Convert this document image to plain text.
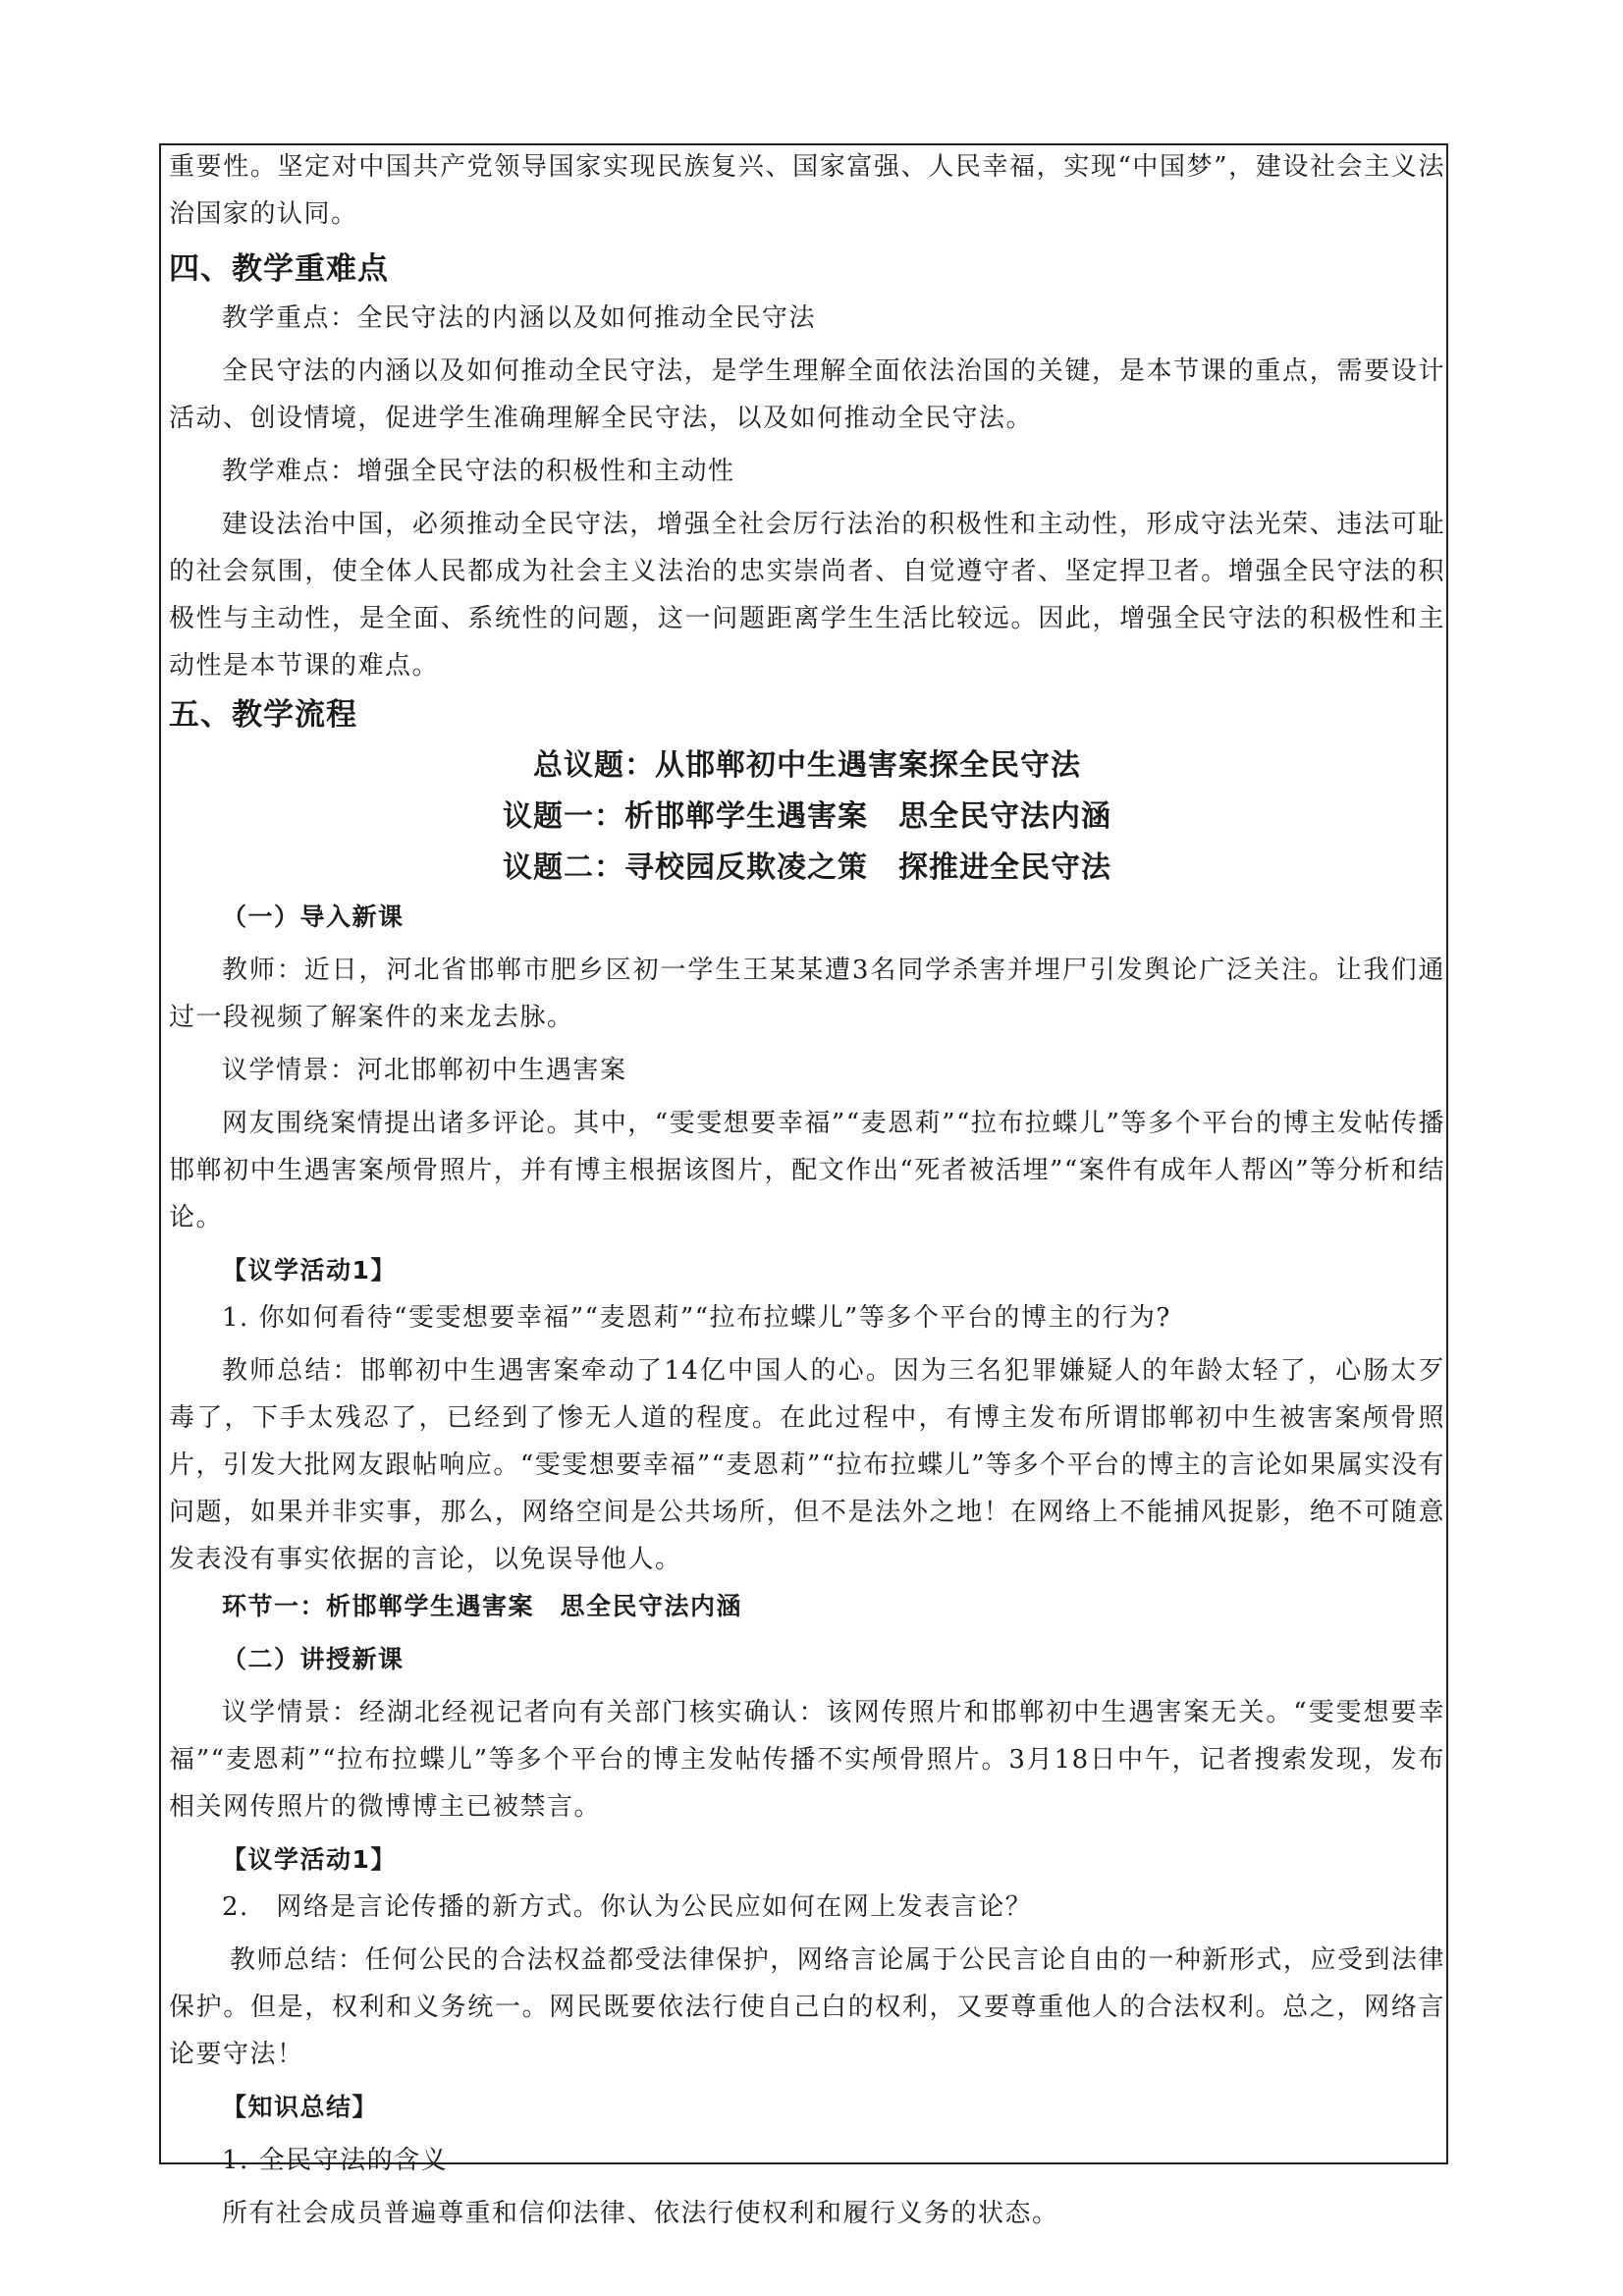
重要性。坚定对中国共产党领导国家实现民族复兴、国家富强、人民幸福，实现“中国梦”，建设社会主义法治国家的认同。

四、教学重难点

教学重点：全民守法的内涵以及如何推动全民守法

全民守法的内涵以及如何推动全民守法，是学生理解全面依法治国的关键，是本节课的重点，需要设计活动、创设情境，促进学生准确理解全民守法，以及如何推动全民守法。

教学难点：增强全民守法的积极性和主动性

建设法治中国，必须推动全民守法，增强全社会厉行法治的积极性和主动性，形成守法光荣、违法可耻的社会氛围，使全体人民都成为社会主义法治的忠实崇尚者、自觉遵守者、坚定捍卫者。增强全民守法的积极性与主动性，是全面、系统性的问题，这一问题距离学生生活比较远。因此，增强全民守法的积极性和主动性是本节课的难点。

五、教学流程
总议题：从邯郸初中生遇害案探全民守法
议题一：析邯郸学生遇害案　思全民守法内涵
议题二：寻校园反欺凌之策　探推进全民守法

（一）导入新课

教师：近日，河北省邯郸市肥乡区初一学生王某某遭3名同学杀害并埋尸引发舆论广泛关注。让我们通过一段视频了解案件的来龙去脉。

议学情景：河北邯郸初中生遇害案

网友围绕案情提出诸多评论。其中，“雯雯想要幸福”“麦恩莉”“拉布拉蝶儿”等多个平台的博主发帖传播邯郸初中生遇害案颅骨照片，并有博主根据该图片，配文作出“死者被活埋”“案件有成年人帮凶”等分析和结论。

【议学活动1】

1. 你如何看待“雯雯想要幸福”“麦恩莉”“拉布拉蝶儿”等多个平台的博主的行为?

教师总结：邯郸初中生遇害案牵动了14亿中国人的心。因为三名犯罪嫌疑人的年龄太轻了，心肠太歹毒了，下手太残忍了，已经到了惨无人道的程度。在此过程中，有博主发布所谓邯郸初中生被害案颅骨照片，引发大批网友跟帖响应。“雯雯想要幸福”“麦恩莉”“拉布拉蝶儿”等多个平台的博主的言论如果属实没有问题，如果并非实事，那么，网络空间是公共场所，但不是法外之地！在网络上不能捕风捉影，绝不可随意发表没有事实依据的言论，以免误导他人。

环节一：析邯郸学生遇害案　思全民守法内涵

（二）讲授新课

议学情景：经湖北经视记者向有关部门核实确认：该网传照片和邯郸初中生遇害案无关。“雯雯想要幸福”“麦恩莉”“拉布拉蝶儿”等多个平台的博主发帖传播不实颅骨照片。3月18日中午，记者搜索发现，发布相关网传照片的微博博主已被禁言。

【议学活动1】

2.　网络是言论传播的新方式。你认为公民应如何在网上发表言论？

教师总结：任何公民的合法权益都受法律保护，网络言论属于公民言论自由的一种新形式，应受到法律保护。但是，权利和义务统一。网民既要依法行使自己白的权利，又要尊重他人的合法权利。总之，网络言论要守法！

【知识总结】

1. 全民守法的含义

所有社会成员普遍尊重和信仰法律、依法行使权利和履行义务的状态。
